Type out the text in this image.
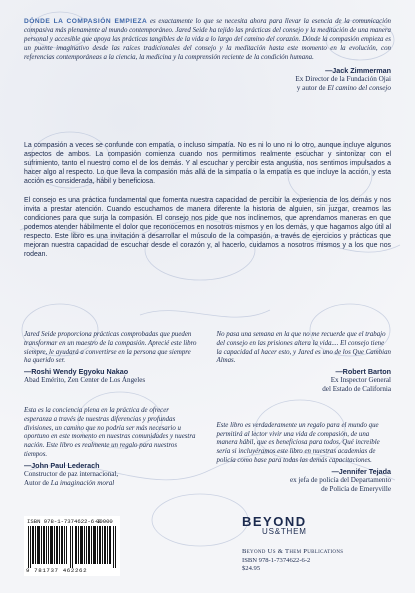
DÓNDE LA COMPASIÓN EMPIEZA es exactamente lo que se necesita ahora para llevar la esencia de la comunicación compasiva más plenamente al mundo contemporáneo. Jared Seide ha tejido las prácticas del consejo y la meditación de una manera personal y accesible que apoya las prácticas tangibles de la vida a lo largo del camino del corazón. Dónde la compasión empieza es un puente imaginativo desde las raíces tradicionales del consejo y la meditación hasta este momento en la evolución, con referencias contemporáneas a la ciencia, la medicina y la comprensión reciente de la condición humana.

—Jack Zimmerman
Ex Director de la Fundación Ojai
y autor de El camino del consejo

La compasión a veces se confunde con empatía, o incluso simpatía. No es ni lo uno ni lo otro, aunque incluye algunos aspectos de ambos. La compasión comienza cuando nos permitimos realmente escuchar y sintonizar con el sufrimiento, tanto el nuestro como el de los demás. Y al escuchar y percibir esta angustia, nos sentimos impulsados a hacer algo al respecto. Lo que lleva la compasión más allá de la simpatía o la empatía es que incluye la acción, y esta acción es considerada, hábil y beneficiosa.

El consejo es una práctica fundamental que fomenta nuestra capacidad de percibir la experiencia de los demás y nos invita a prestar atención. Cuando escuchamos de manera diferente la historia de alguien, sin juzgar, creamos las condiciones para que surja la compasión. El consejo nos pide que nos inclinemos, que aprendamos maneras en que podemos atender hábilmente el dolor que reconocemos en nosotros mismos y en los demás, y que hagamos algo útil al respecto. Este libro es una invitación a desarrollar el músculo de la compasión, a través de ejercicios y prácticas que mejoran nuestra capacidad de escuchar desde el corazón y, al hacerlo, cuidamos a nosotros mismos y a los que nos rodean.

Jared Seide proporciona prácticas comprobadas que pueden transformar en un maestro de la compasión. Aprecié este libro siempre, le ayudará a convertirse en la persona que siempre ha querido ser.

—Roshi Wendy Egyoku Nakao
Abad Emérito, Zen Center de Los Ángeles

Esta es la conciencia plena en la práctica de ofrecer esperanza a través de nuestras diferencias y profundas divisiones, un camino que no podría ser más necesario u oportuno en este momento en nuestras comunidades y nuestra nación. Este libro es realmente un regalo para nuestros tiempos.

—John Paul Lederach
Constructor de paz internacional,
Autor de La imaginación moral

No pasa una semana en la que no me recuerde que el trabajo del consejo en las prisiones altera la vida.... El consejo tiene la capacidad al hacer esto, y Jared es uno de los Que Cambian Almas.

—Robert Barton
Ex Inspector General
del Estado de California

Este libro es verdaderamente un regalo para el mundo que permitirá al lector vivir una vida de compasión, de una manera hábil, que es beneficiosa para todos. Qué increíble sería si incluyéramos este libro en nuestras academias de policía como base para todas las demás capacitaciones.

—Jennifer Tejada
ex jefa de policía del Departamento
de Policía de Emeryville
ISBN 978-1-7374622-6-2
90000
9 781737 462262
BEYOND
US&THEM
Beyond Us & Them Publications
ISBN 978-1-7374622-6-2
$24.95
